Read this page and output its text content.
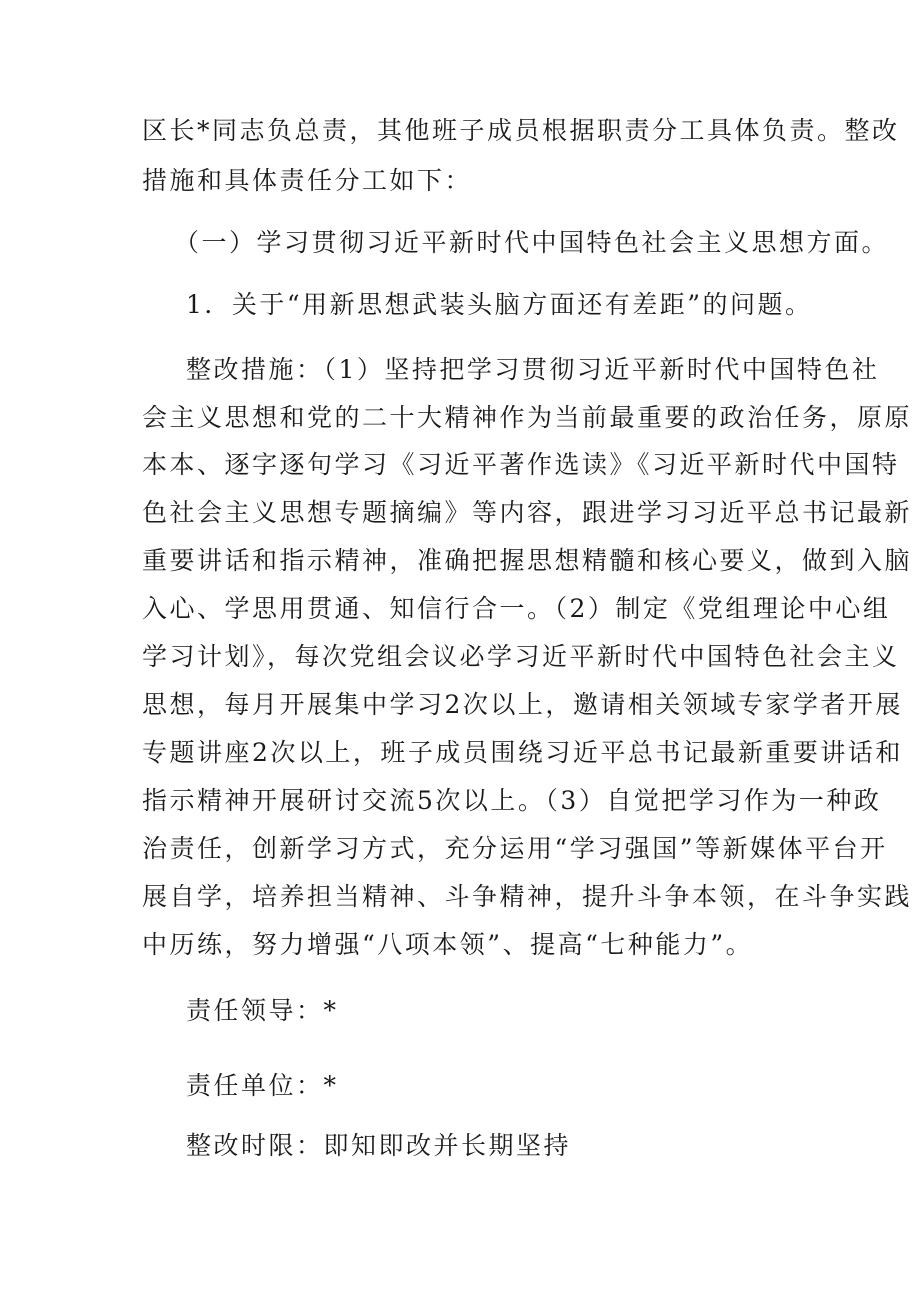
区长*同志负总责，其他班子成员根据职责分工具体负责。整改
措施和具体责任分工如下：
（一）学习贯彻习近平新时代中国特色社会主义思想方面。
1．关于“用新思想武装头脑方面还有差距”的问题。
整改措施：（1）坚持把学习贯彻习近平新时代中国特色社
会主义思想和党的二十大精神作为当前最重要的政治任务，原原
本本、逐字逐句学习《习近平著作选读》《习近平新时代中国特
色社会主义思想专题摘编》等内容，跟进学习习近平总书记最新
重要讲话和指示精神，准确把握思想精髓和核心要义，做到入脑
入心、学思用贯通、知信行合一。（2）制定《党组理论中心组
学习计划》，每次党组会议必学习近平新时代中国特色社会主义
思想，每月开展集中学习2次以上，邀请相关领域专家学者开展
专题讲座2次以上，班子成员围绕习近平总书记最新重要讲话和
指示精神开展研讨交流5次以上。（3）自觉把学习作为一种政
治责任，创新学习方式，充分运用“学习强国”等新媒体平台开
展自学，培养担当精神、斗争精神，提升斗争本领，在斗争实践
中历练，努力增强“八项本领”、提高“七种能力”。
责任领导：*
责任单位：*
整改时限：即知即改并长期坚持
